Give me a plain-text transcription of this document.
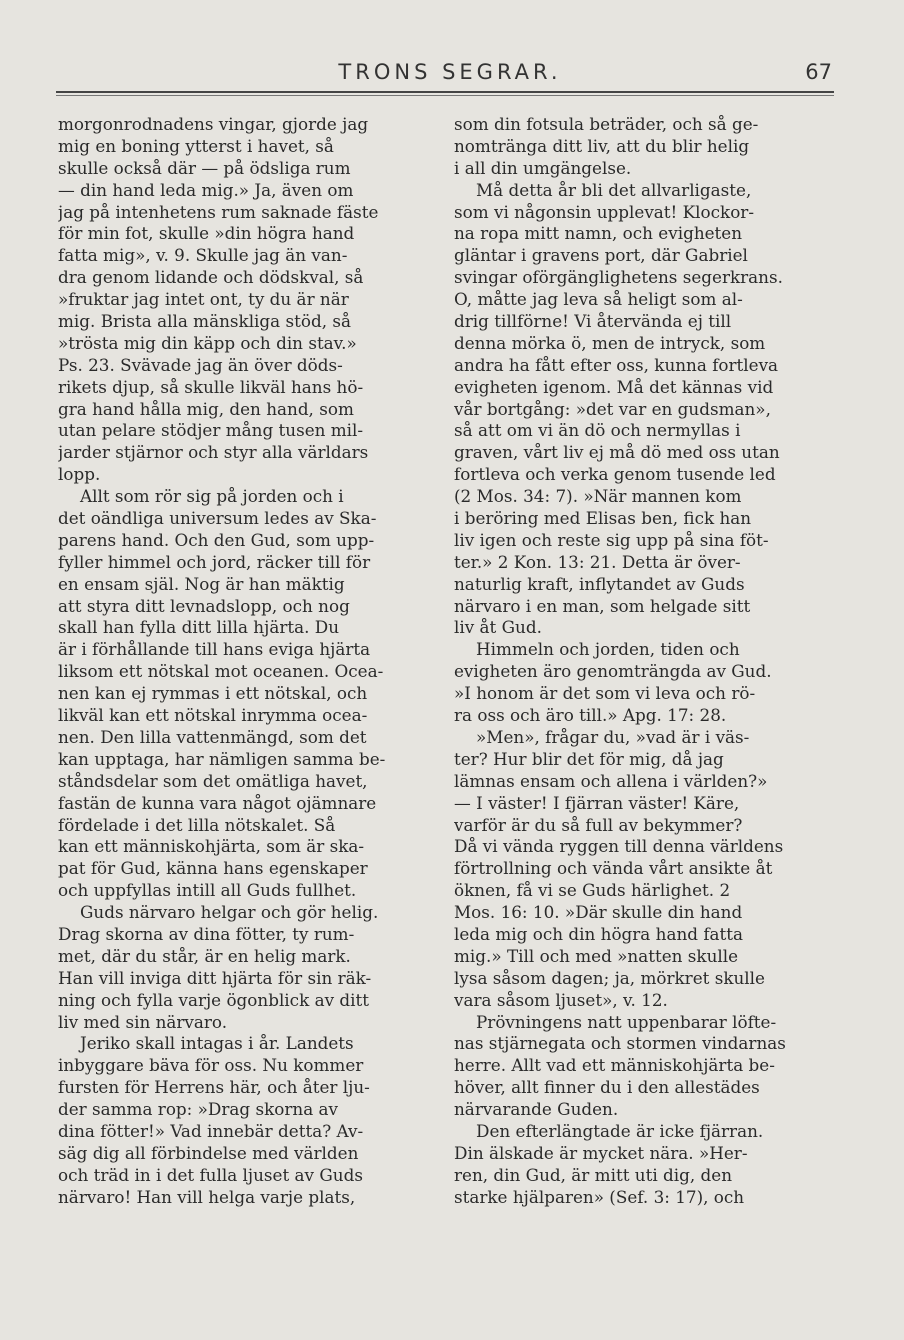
TRONS SEGRAR.	67
morgonrodnadens vingar, gjorde jag
mig en boning ytterst i havet, så
skulle också där — på ödsliga rum
— din hand leda mig.» Ja, även om
jag på intenhetens rum saknade fäste
för min fot, skulle »din högra hand
fatta mig», v. 9. Skulle jag än van-
dra genom lidande och dödskval, så
»fruktar jag intet ont, ty du är när
mig. Brista alla mänskliga stöd, så
»trösta mig din käpp och din stav.»
Ps. 23. Svävade jag än över döds-
rikets djup, så skulle likväl hans hö-
gra hand hålla mig, den hand, som
utan pelare stödjer mång tusen mil-
jarder stjärnor och styr alla världars
lopp.
Allt som rör sig på jorden och i
det oändliga universum ledes av Ska-
parens hand. Och den Gud, som upp-
fyller himmel och jord, räcker till för
en ensam själ. Nog är han mäktig
att styra ditt levnadslopp, och nog
skall han fylla ditt lilla hjärta. Du
är i förhållande till hans eviga hjärta
liksom ett nötskal mot oceanen. Ocea-
nen kan ej rymmas i ett nötskal, och
likväl kan ett nötskal inrymma ocea-
nen. Den lilla vattenmängd, som det
kan upptaga, har nämligen samma be-
ståndsdelar som det omätliga havet,
fastän de kunna vara något ojämnare
fördelade i det lilla nötskalet. Så
kan ett människohjärta, som är ska-
pat för Gud, känna hans egenskaper
och uppfyllas intill all Guds fullhet.
Guds närvaro helgar och gör helig.
Drag skorna av dina fötter, ty rum-
met, där du står, är en helig mark.
Han vill inviga ditt hjärta för sin räk-
ning och fylla varje ögonblick av ditt
liv med sin närvaro.
Jeriko skall intagas i år. Landets
inbyggare bäva för oss. Nu kommer
fursten för Herrens här, och åter lju-
der samma rop: »Drag skorna av
dina fötter!» Vad innebär detta? Av-
säg dig all förbindelse med världen
och träd in i det fulla ljuset av Guds
närvaro! Han vill helga varje plats,
som din fotsula beträder, och så ge-
nomtränga ditt liv, att du blir helig
i all din umgängelse.
Må detta år bli det allvarligaste,
som vi någonsin upplevat! Klockor-
na ropa mitt namn, och evigheten
gläntar i gravens port, där Gabriel
svingar oförgänglighetens segerkrans.
O, måtte jag leva så heligt som al-
drig tillförne! Vi återvända ej till
denna mörka ö, men de intryck, som
andra ha fått efter oss, kunna fortleva
evigheten igenom. Må det kännas vid
vår bortgång: »det var en gudsman»,
så att om vi än dö och nermyllas i
graven, vårt liv ej må dö med oss utan
fortleva och verka genom tusende led
(2 Mos. 34: 7). »När mannen kom
i beröring med Elisas ben, fick han
liv igen och reste sig upp på sina föt-
ter.» 2 Kon. 13: 21. Detta är över-
naturlig kraft, inflytandet av Guds
närvaro i en man, som helgade sitt
liv åt Gud.
Himmeln och jorden, tiden och
evigheten äro genomträngda av Gud.
»I honom är det som vi leva och rö-
ra oss och äro till.» Apg. 17: 28.
»Men», frågar du, »vad är i väs-
ter? Hur blir det för mig, då jag
lämnas ensam och allena i världen?»
— I väster! I fjärran väster! Käre,
varför är du så full av bekymmer?
Då vi vända ryggen till denna världens
förtrollning och vända vårt ansikte åt
öknen, få vi se Guds härlighet. 2
Mos. 16: 10. »Där skulle din hand
leda mig och din högra hand fatta
mig.» Till och med »natten skulle
lysa såsom dagen; ja, mörkret skulle
vara såsom ljuset», v. 12.
Prövningens natt uppenbarar löfte-
nas stjärnegata och stormen vindarnas
herre. Allt vad ett människohjärta be-
höver, allt finner du i den allestädes
närvarande Guden.
Den efterlängtade är icke fjärran.
Din älskade är mycket nära. »Her-
ren, din Gud, är mitt uti dig, den
starke hjälparen» (Sef. 3: 17), och
